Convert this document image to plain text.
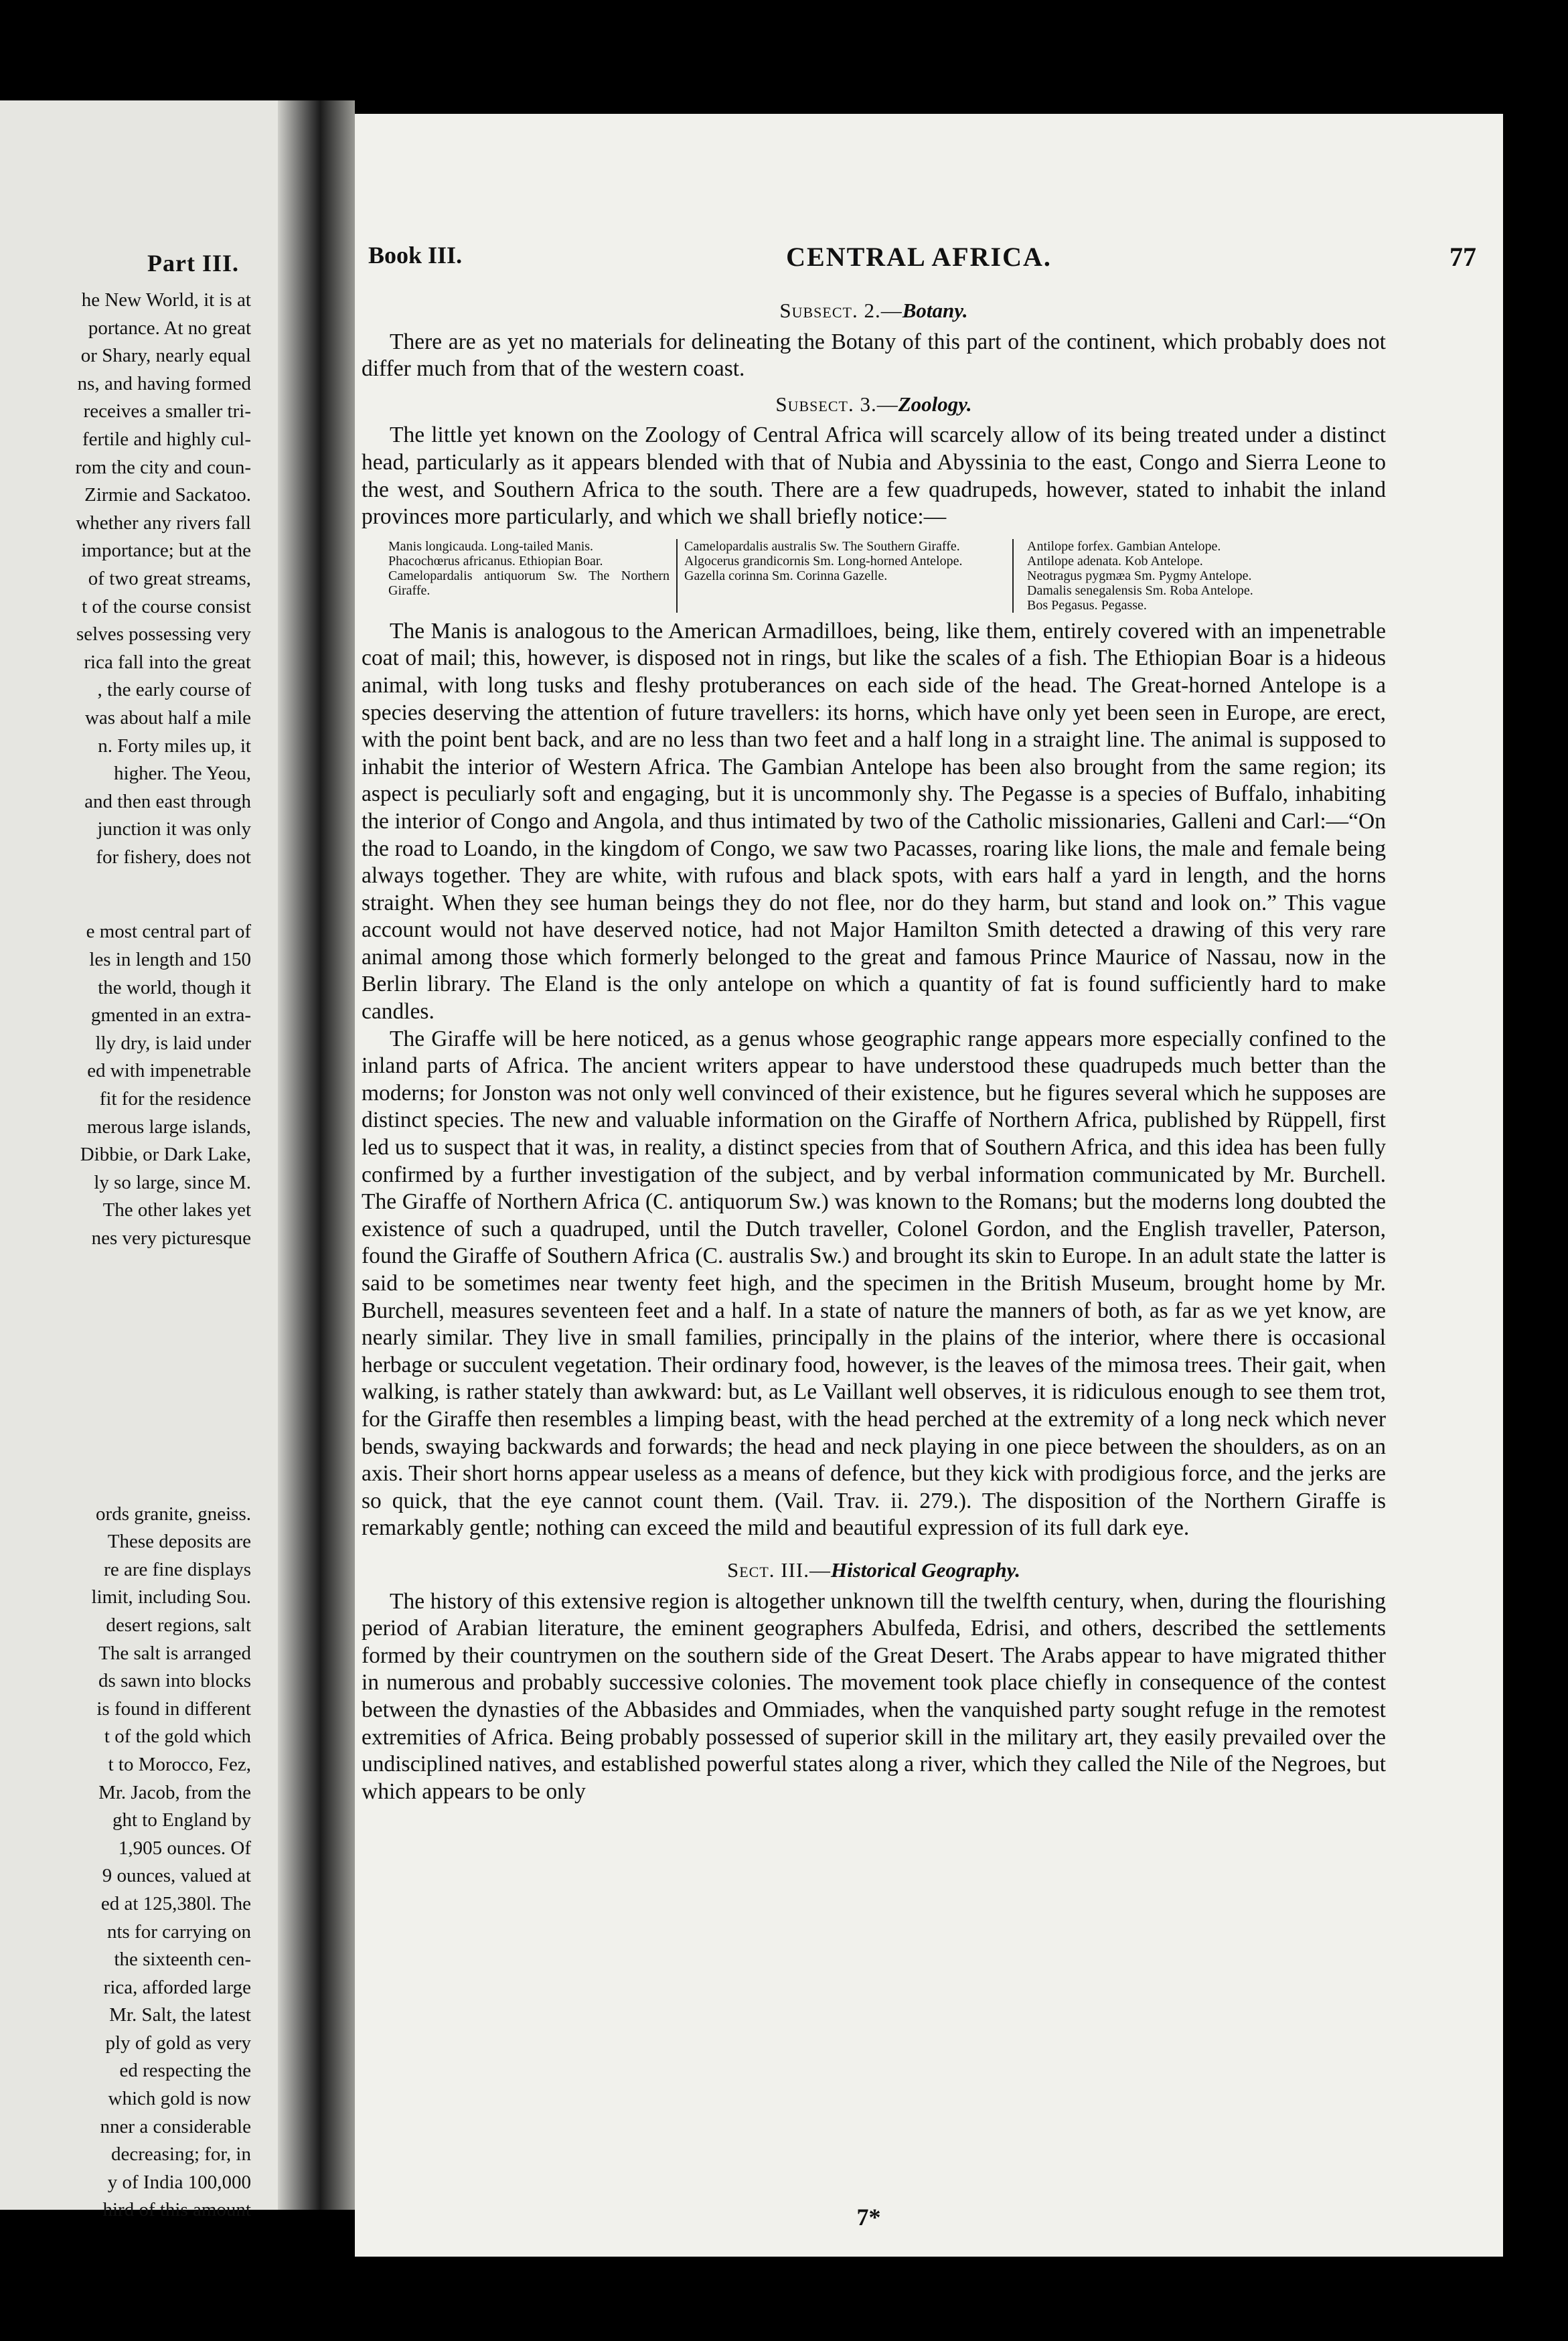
Part III.
he New World, it is at
portance. At no great
or Shary, nearly equal
ns, and having formed
receives a smaller tri-
fertile and highly cul-
rom the city and coun-
Zirmie and Sackatoo.
whether any rivers fall
importance; but at the
of two great streams,
t of the course consist
selves possessing very
rica fall into the great
, the early course of
was about half a mile
n. Forty miles up, it
higher. The Yeou,
and then east through
junction it was only
for fishery, does not
e most central part of
les in length and 150
the world, though it
gmented in an extra-
lly dry, is laid under
ed with impenetrable
fit for the residence
merous large islands,
Dibbie, or Dark Lake,
ly so large, since M.
The other lakes yet
nes very picturesque
ords granite, gneiss.
These deposits are
re are fine displays
limit, including Sou.
desert regions, salt
The salt is arranged
ds sawn into blocks
is found in different
t of the gold which
t to Morocco, Fez,
Mr. Jacob, from the
ght to England by
1,905 ounces. Of
9 ounces, valued at
ed at 125,380l. The
nts for carrying on
the sixteenth cen-
rica, afforded large
Mr. Salt, the latest
ply of gold as very
ed respecting the
which gold is now
nner a considerable
decreasing; for, in
y of India 100,000
hird of this amount
Book III.	CENTRAL AFRICA.	77
Subsect. 2.—Botany.

There are as yet no materials for delineating the Botany of this part of the continent, which probably does not differ much from that of the western coast.

Subsect. 3.—Zoology.

The little yet known on the Zoology of Central Africa will scarcely allow of its being treated under a distinct head, particularly as it appears blended with that of Nubia and Abyssinia to the east, Congo and Sierra Leone to the west, and Southern Africa to the south. There are a few quadrupeds, however, stated to inhabit the inland provinces more particularly, and which we shall briefly notice:—

Manis longicauda. Long-tailed Manis.
Phacochœrus africanus. Ethiopian Boar.
Camelopardalis antiquorum Sw. The Northern Giraffe.
Camelopardalis australis Sw. The Southern Giraffe.
Algocerus grandicornis Sm. Long-horned Antelope.
Gazella corinna Sm. Corinna Gazelle.
Antilope forfex. Gambian Antelope.
Antilope adenata. Kob Antelope.
Neotragus pygmæa Sm. Pygmy Antelope.
Damalis senegalensis Sm. Roba Antelope.
Bos Pegasus. Pegasse.

The Manis is analogous to the American Armadilloes, being, like them, entirely covered with an impenetrable coat of mail; this, however, is disposed not in rings, but like the scales of a fish. The Ethiopian Boar is a hideous animal, with long tusks and fleshy protuberances on each side of the head. The Great-horned Antelope is a species deserving the attention of future travellers: its horns, which have only yet been seen in Europe, are erect, with the point bent back, and are no less than two feet and a half long in a straight line. The animal is supposed to inhabit the interior of Western Africa. The Gambian Antelope has been also brought from the same region; its aspect is peculiarly soft and engaging, but it is uncommonly shy. The Pegasse is a species of Buffalo, inhabiting the interior of Congo and Angola, and thus intimated by two of the Catholic missionaries, Galleni and Carl:—“On the road to Loando, in the kingdom of Congo, we saw two Pacasses, roaring like lions, the male and female being always together. They are white, with rufous and black spots, with ears half a yard in length, and the horns straight. When they see human beings they do not flee, nor do they harm, but stand and look on.” This vague account would not have deserved notice, had not Major Hamilton Smith detected a drawing of this very rare animal among those which formerly belonged to the great and famous Prince Maurice of Nassau, now in the Berlin library. The Eland is the only antelope on which a quantity of fat is found sufficiently hard to make candles.

The Giraffe will be here noticed, as a genus whose geographic range appears more especially confined to the inland parts of Africa. The ancient writers appear to have understood these quadrupeds much better than the moderns; for Jonston was not only well convinced of their existence, but he figures several which he supposes are distinct species. The new and valuable information on the Giraffe of Northern Africa, published by Rüppell, first led us to suspect that it was, in reality, a distinct species from that of Southern Africa, and this idea has been fully confirmed by a further investigation of the subject, and by verbal information communicated by Mr. Burchell. The Giraffe of Northern Africa (C. antiquorum Sw.) was known to the Romans; but the moderns long doubted the existence of such a quadruped, until the Dutch traveller, Colonel Gordon, and the English traveller, Paterson, found the Giraffe of Southern Africa (C. australis Sw.) and brought its skin to Europe. In an adult state the latter is said to be sometimes near twenty feet high, and the specimen in the British Museum, brought home by Mr. Burchell, measures seventeen feet and a half. In a state of nature the manners of both, as far as we yet know, are nearly similar. They live in small families, principally in the plains of the interior, where there is occasional herbage or succulent vegetation. Their ordinary food, however, is the leaves of the mimosa trees. Their gait, when walking, is rather stately than awkward: but, as Le Vaillant well observes, it is ridiculous enough to see them trot, for the Giraffe then resembles a limping beast, with the head perched at the extremity of a long neck which never bends, swaying backwards and forwards; the head and neck playing in one piece between the shoulders, as on an axis. Their short horns appear useless as a means of defence, but they kick with prodigious force, and the jerks are so quick, that the eye cannot count them. (Vail. Trav. ii. 279.). The disposition of the Northern Giraffe is remarkably gentle; nothing can exceed the mild and beautiful expression of its full dark eye.

Sect. III.—Historical Geography.

The history of this extensive region is altogether unknown till the twelfth century, when, during the flourishing period of Arabian literature, the eminent geographers Abulfeda, Edrisi, and others, described the settlements formed by their countrymen on the southern side of the Great Desert. The Arabs appear to have migrated thither in numerous and probably successive colonies. The movement took place chiefly in consequence of the contest between the dynasties of the Abbasides and Ommiades, when the vanquished party sought refuge in the remotest extremities of Africa. Being probably possessed of superior skill in the military art, they easily prevailed over the undisciplined natives, and established powerful states along a river, which they called the Nile of the Negroes, but which appears to be only

7*
